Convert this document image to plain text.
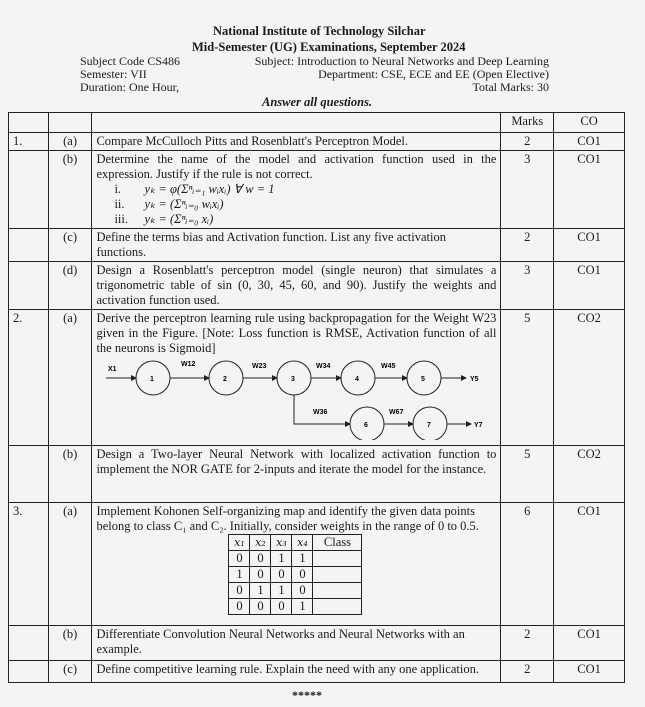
National Institute of Technology Silchar
Mid-Semester (UG) Examinations, September 2024
Subject Code CS486
Semester: VII
Duration: One Hour,
Subject: Introduction to Neural Networks and Deep Learning
Department: CSE, ECE and EE (Open Elective)
Total Marks: 30
Answer all questions.
			Marks	CO
1.	(a)	Compare McCulloch Pitts and Rosenblatt's Perceptron Model.	2	CO1
	(b)	Determine the name of the model and activation function used in the expression. Justify if the rule is not correct.
i. yₖ = φ(Σⁿᵢ₌₁ wᵢxᵢ) ∀ w = 1
ii. yₖ = (Σⁿᵢ₌₀ wᵢxᵢ)
iii. yₖ = (Σⁿᵢ₌₀ xᵢ)
	3	CO1
	(c)	Define the terms bias and Activation function. List any five activation functions.	2	CO1
	(d)	Design a Rosenblatt's perceptron model (single neuron) that simulates a trigonometric table of sin (0, 30, 45, 60, and 90). Justify the weights and activation function used.	3	CO1
2.	(a)	Derive the perceptron learning rule using backpropagation for the Weight W23 given in the Figure. [Note: Loss function is RMSE, Activation function of all the neurons is Sigmoid]
1	2	3	4	5
6	7
X1
Y5
Y7
W12	W23	W34	W45
W36	W67
	5	CO2
	(b)	Design a Two-layer Neural Network with localized activation function to implement the NOR GATE for 2-inputs and iterate the model for the instance.	5	CO2
3.	(a)	Implement Kohonen Self-organizing map and identify the given data points belong to class C₁ and C₂. Initially, consider weights in the range of 0 to 0.5.
x₁	x₂	x₃	x₄	Class
0	0	1	1	
1	0	0	0	
0	1	1	0	
0	0	0	1	
	6	CO1
	(b)	Differentiate Convolution Neural Networks and Neural Networks with an example.	2	CO1
	(c)	Define competitive learning rule. Explain the need with any one application.	2	CO1
*****
